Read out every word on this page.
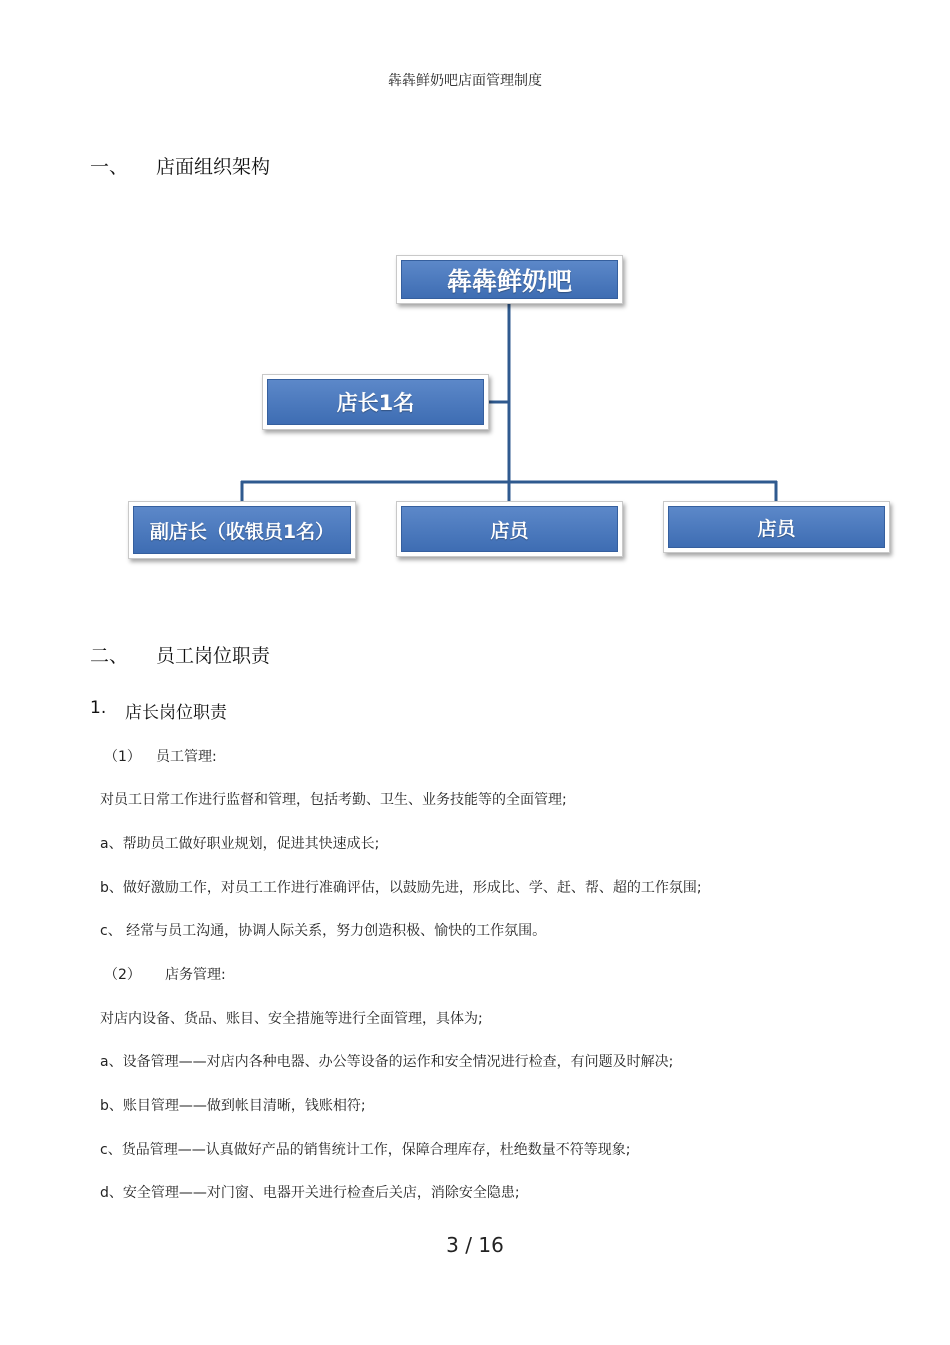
犇犇鲜奶吧店面管理制度
一、 店面组织架构
犇犇鲜奶吧
店长1名
副店长（收银员1名）	店员	店员
二、 员工岗位职责
1. 店长岗位职责
（1） 员工管理:
对员工日常工作进行监督和管理，包括考勤、卫生、业务技能等的全面管理;
a、帮助员工做好职业规划，促进其快速成长;
b、做好激励工作，对员工工作进行准确评估，以鼓励先进，形成比、学、赶、帮、超的工作氛围;
c、 经常与员工沟通，协调人际关系，努力创造积极、愉快的工作氛围。
（2） 店务管理:
对店内设备、货品、账目、安全措施等进行全面管理，具体为;
a、设备管理——对店内各种电器、办公等设备的运作和安全情况进行检查，有问题及时解决;
b、账目管理——做到帐目清晰，钱账相符;
c、货品管理——认真做好产品的销售统计工作，保障合理库存，杜绝数量不符等现象;
d、安全管理——对门窗、电器开关进行检查后关店，消除安全隐患;
3 / 16
